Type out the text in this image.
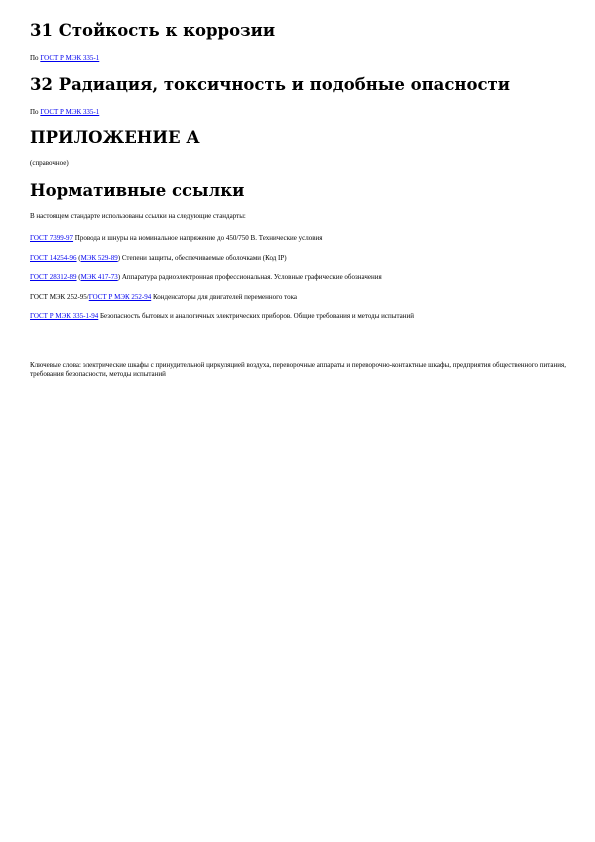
31 Стойкость к коррозии

По ГОСТ Р МЭК 335-1

32 Радиация, токсичность и подобные опасности

По ГОСТ Р МЭК 335-1

ПРИЛОЖЕНИЕ А

(справочное)

Нормативные ссылки

В настоящем стандарте использованы ссылки на следующие стандарты:

ГОСТ 7399-97 Провода и шнуры на номинальное напряжение до 450/750 В. Технические условия

ГОСТ 14254-96 (МЭК 529-89) Степени защиты, обеспечиваемые оболочками (Код IP)

ГОСТ 28312-89 (МЭК 417-73) Аппаратура радиоэлектронная профессиональная. Условные графические обозначения

ГОСТ МЭК 252-95/ГОСТ Р МЭК 252-94 Конденсаторы для двигателей переменного тока

ГОСТ Р МЭК 335-1-94 Безопасность бытовых и аналогичных электрических приборов. Общие требования и методы испытаний

Ключевые слова: электрические шкафы с принудительной циркуляцией воздуха, переворочные аппараты и переворочно-контактные шкафы, предприятия общественного питания, требования безопасности, методы испытаний
